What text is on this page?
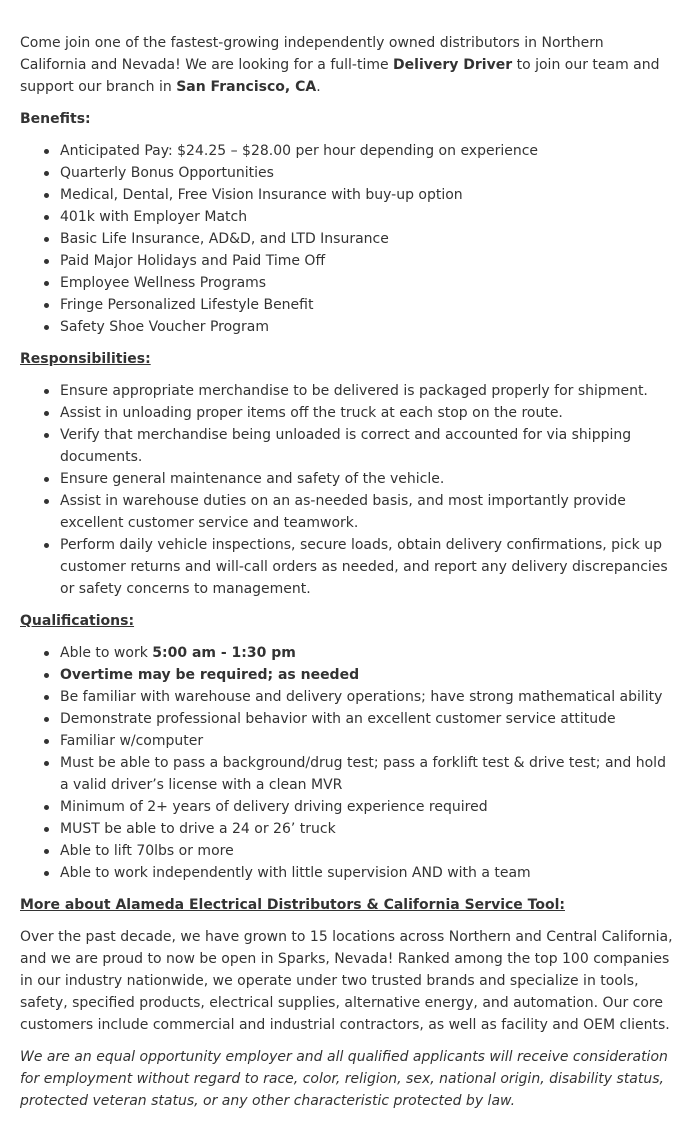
Come join one of the fastest-growing independently owned distributors in Northern California and Nevada! We are looking for a full-time Delivery Driver to join our team and support our branch in San Francisco, CA.

Benefits:

Anticipated Pay: $24.25 – $28.00 per hour depending on experience
Quarterly Bonus Opportunities
Medical, Dental, Free Vision Insurance with buy-up option
401k with Employer Match
Basic Life Insurance, AD&D, and LTD Insurance
Paid Major Holidays and Paid Time Off
Employee Wellness Programs
Fringe Personalized Lifestyle Benefit
Safety Shoe Voucher Program

Responsibilities:

Ensure appropriate merchandise to be delivered is packaged properly for shipment.
Assist in unloading proper items off the truck at each stop on the route.
Verify that merchandise being unloaded is correct and accounted for via shipping documents.
Ensure general maintenance and safety of the vehicle.
Assist in warehouse duties on an as-needed basis, and most importantly provide excellent customer service and teamwork.
Perform daily vehicle inspections, secure loads, obtain delivery confirmations, pick up customer returns and will-call orders as needed, and report any delivery discrepancies or safety concerns to management.

Qualifications:

Able to work 5:00 am - 1:30 pm
Overtime may be required; as needed
Be familiar with warehouse and delivery operations; have strong mathematical ability
Demonstrate professional behavior with an excellent customer service attitude
Familiar w/computer
Must be able to pass a background/drug test; pass a forklift test & drive test; and hold a valid driver’s license with a clean MVR
Minimum of 2+ years of delivery driving experience required
MUST be able to drive a 24 or 26’ truck
Able to lift 70lbs or more
Able to work independently with little supervision AND with a team

More about Alameda Electrical Distributors & California Service Tool:

Over the past decade, we have grown to 15 locations across Northern and Central California, and we are proud to now be open in Sparks, Nevada! Ranked among the top 100 companies in our industry nationwide, we operate under two trusted brands and specialize in tools, safety, specified products, electrical supplies, alternative energy, and automation. Our core customers include commercial and industrial contractors, as well as facility and OEM clients.

We are an equal opportunity employer and all qualified applicants will receive consideration for employment without regard to race, color, religion, sex, national origin, disability status, protected veteran status, or any other characteristic protected by law.
